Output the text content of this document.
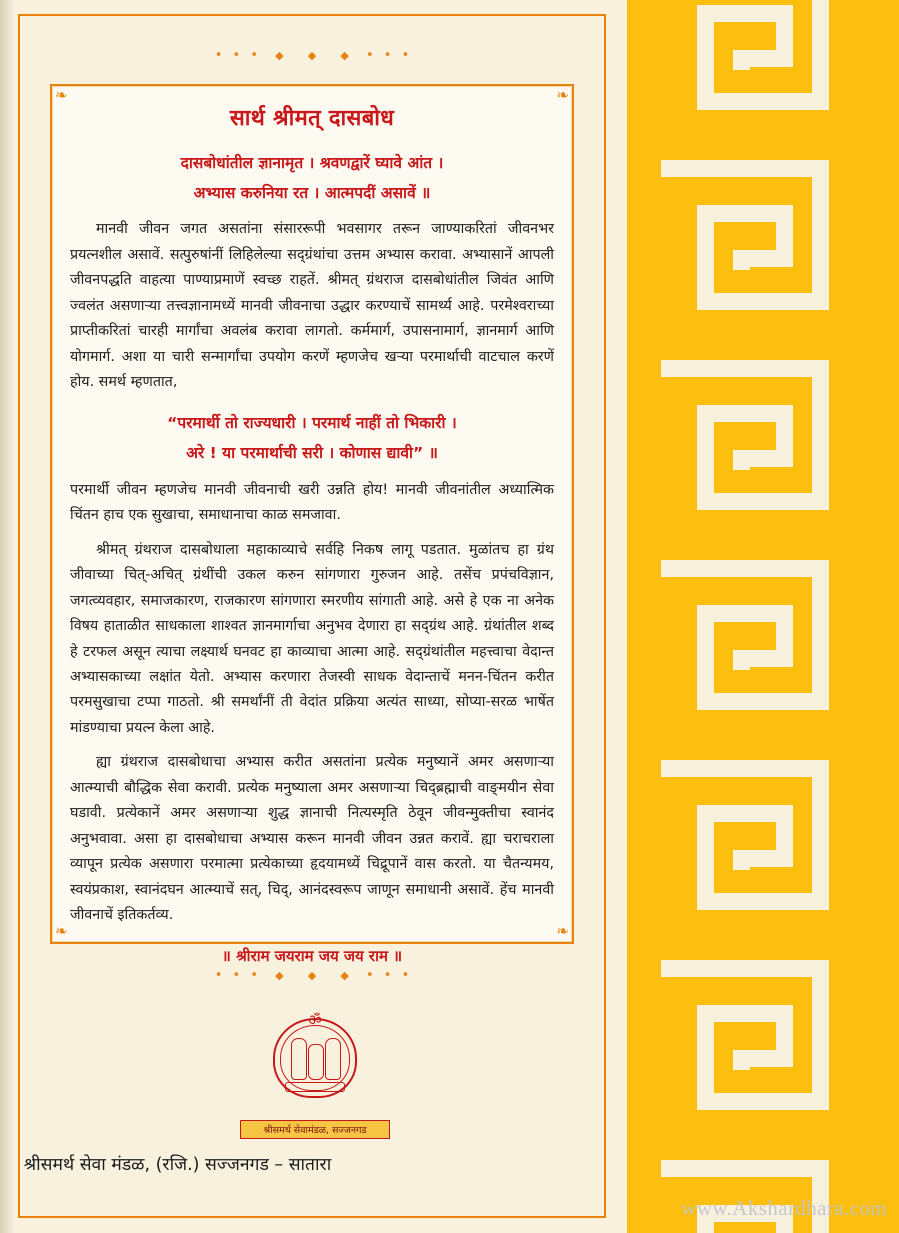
• • • ◆ ◆ ◆ • • •
❧	❧
❧	❧
सार्थ श्रीमत् दासबोध
दासबोधांतील ज्ञानामृत । श्रवणद्वारें घ्यावे आंत ।
अभ्यास करुनिया रत । आत्मपदीं असावें ॥

मानवी जीवन जगत असतांना संसाररूपी भवसागर तरून जाण्याकरितां जीवनभर प्रयत्नशील असावें. सत्पुरुषांनीं लिहिलेल्या सद्ग्रंथांचा उत्तम अभ्यास करावा. अभ्यासानें आपली जीवनपद्धति वाहत्या पाण्याप्रमाणें स्वच्छ राहतें. श्रीमत् ग्रंथराज दासबोधांतील जिवंत आणि ज्वलंत असणाऱ्या तत्त्वज्ञानामध्यें मानवी जीवनाचा उद्धार करण्याचें सामर्थ्य आहे. परमेश्वराच्या प्राप्तीकरितां चारही मार्गांचा अवलंब करावा लागतो. कर्ममार्ग, उपासनामार्ग, ज्ञानमार्ग आणि योगमार्ग. अशा या चारी सन्मार्गांचा उपयोग करणें म्हणजेच खऱ्या परमार्थाची वाटचाल करणें होय. समर्थ म्हणतात,

“परमार्थी तो राज्यधारी । परमार्थ नाहीं तो भिकारी ।
अरे ! या परमार्थाची सरी । कोणास द्यावी” ॥

परमार्थी जीवन म्हणजेच मानवी जीवनाची खरी उन्नति होय! मानवी जीवनांतील अध्यात्मिक चिंतन हाच एक सुखाचा, समाधानाचा काळ समजावा.

श्रीमत् ग्रंथराज दासबोधाला महाकाव्याचे सर्वहि निकष लागू पडतात. मुळांतच हा ग्रंथ जीवाच्या चित्-अचित् ग्रंथींची उकल करुन सांगणारा गुरुजन आहे. तसेंच प्रपंचविज्ञान, जगत्व्यवहार, समाजकारण, राजकारण सांगणारा स्मरणीय सांगाती आहे. असे हे एक ना अनेक विषय हाताळीत साधकाला शाश्वत ज्ञानमार्गाचा अनुभव देणारा हा सद्ग्रंथ आहे. ग्रंथांतील शब्द हे टरफल असून त्याचा लक्ष्यार्थ घनवट हा काव्याचा आत्मा आहे. सद्ग्रंथांतील महत्त्वाचा वेदान्त अभ्यासकाच्या लक्षांत येतो. अभ्यास करणारा तेजस्वी साधक वेदान्ताचें मनन-चिंतन करीत परमसुखाचा टप्पा गाठतो. श्री समर्थांनीं ती वेदांत प्रक्रिया अत्यंत साध्या, सोप्या-सरळ भाषेंत मांडण्याचा प्रयत्न केला आहे.

ह्या ग्रंथराज दासबोधाचा अभ्यास करीत असतांना प्रत्येक मनुष्यानें अमर असणाऱ्या आत्म्याची बौद्धिक सेवा करावी. प्रत्येक मनुष्याला अमर असणाऱ्या चिद्ब्रह्माची वाङ्‌मयीन सेवा घडावी. प्रत्येकानें अमर असणाऱ्या शुद्ध ज्ञानाची नित्यस्मृति ठेवून जीवन्मुक्तीचा स्वानंद अनुभवावा. असा हा दासबोधाचा अभ्यास करून मानवी जीवन उन्नत करावें. ह्या चराचराला व्यापून प्रत्येक असणारा परमात्मा प्रत्येकाच्या हृदयामध्यें चिद्रूपानें वास करतो. या चैतन्यमय, स्वयंप्रकाश, स्वानंदघन आत्म्याचें सत्, चिद्, आनंदस्वरूप जाणून समाधानी असावें. हेंच मानवी जीवनाचें इतिकर्तव्य.

॥ श्रीराम जयराम जय जय राम ॥
• • • ◆ ◆ ◆ • • •
ॐ
श्रीसमर्थ सेवामंडळ, सज्जनगड
श्रीसमर्थ सेवा मंडळ, (रजि.) सज्जनगड – सातारा
www.Akshardhara.com
